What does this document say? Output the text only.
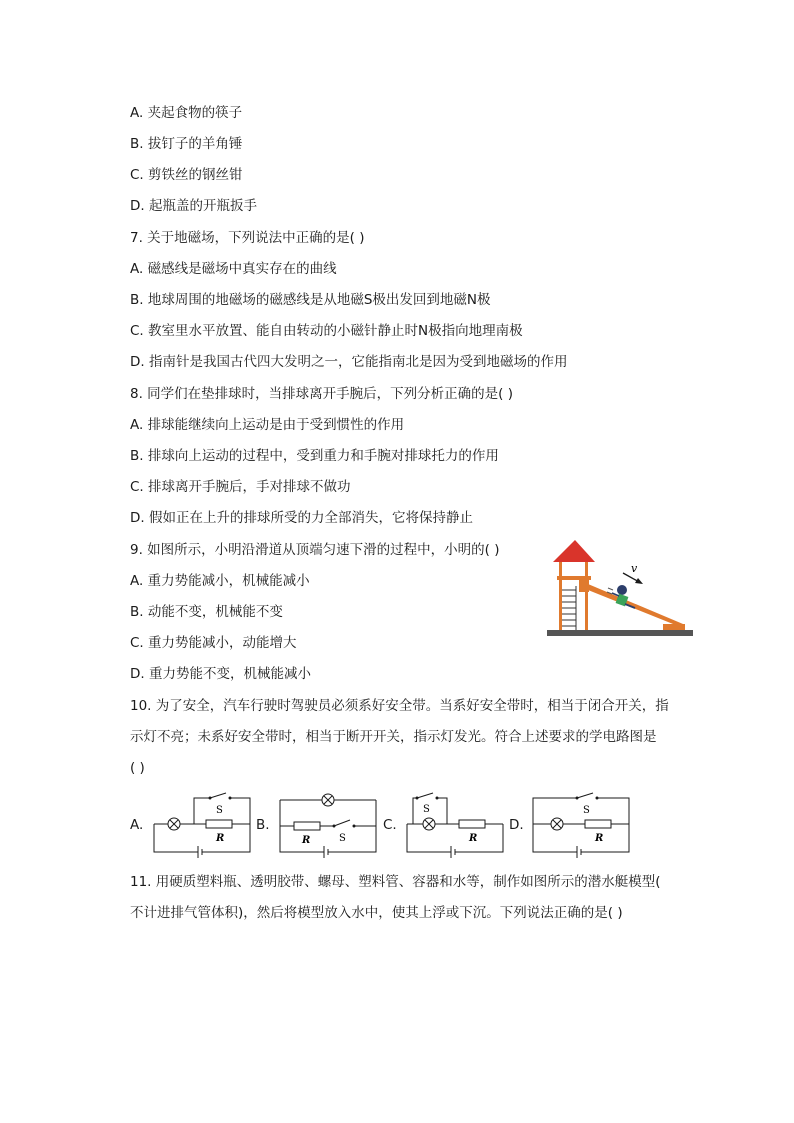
A. 夹起食物的筷子
B. 拔钉子的羊角锤
C. 剪铁丝的钢丝钳
D. 起瓶盖的开瓶扳手
7. 关于地磁场，下列说法中正确的是( )
A. 磁感线是磁场中真实存在的曲线
B. 地球周围的地磁场的磁感线是从地磁S极出发回到地磁N极
C. 教室里水平放置、能自由转动的小磁针静止时N极指向地理南极
D. 指南针是我国古代四大发明之一，它能指南北是因为受到地磁场的作用
8. 同学们在垫排球时，当排球离开手腕后，下列分析正确的是( )
A. 排球能继续向上运动是由于受到惯性的作用
B. 排球向上运动的过程中，受到重力和手腕对排球托力的作用
C. 排球离开手腕后，手对排球不做功
D. 假如正在上升的排球所受的力全部消失，它将保持静止
9. 如图所示，小明沿滑道从顶端匀速下滑的过程中，小明的( )
A. 重力势能减小，机械能减小
B. 动能不变，机械能不变
C. 重力势能减小，动能增大
D. 重力势能不变，机械能减小
v
10. 为了安全，汽车行驶时驾驶员必须系好安全带。当系好安全带时，相当于闭合开关，指
示灯不亮；未系好安全带时，相当于断开开关，指示灯发光。符合上述要求的学电路图是
( )
A.
S
R
B.
S
R
C.
S
R
D.
S
R
11. 用硬质塑料瓶、透明胶带、螺母、塑料管、容器和水等，制作如图所示的潜水艇模型(
不计进排气管体积)，然后将模型放入水中，使其上浮或下沉。下列说法正确的是( )
